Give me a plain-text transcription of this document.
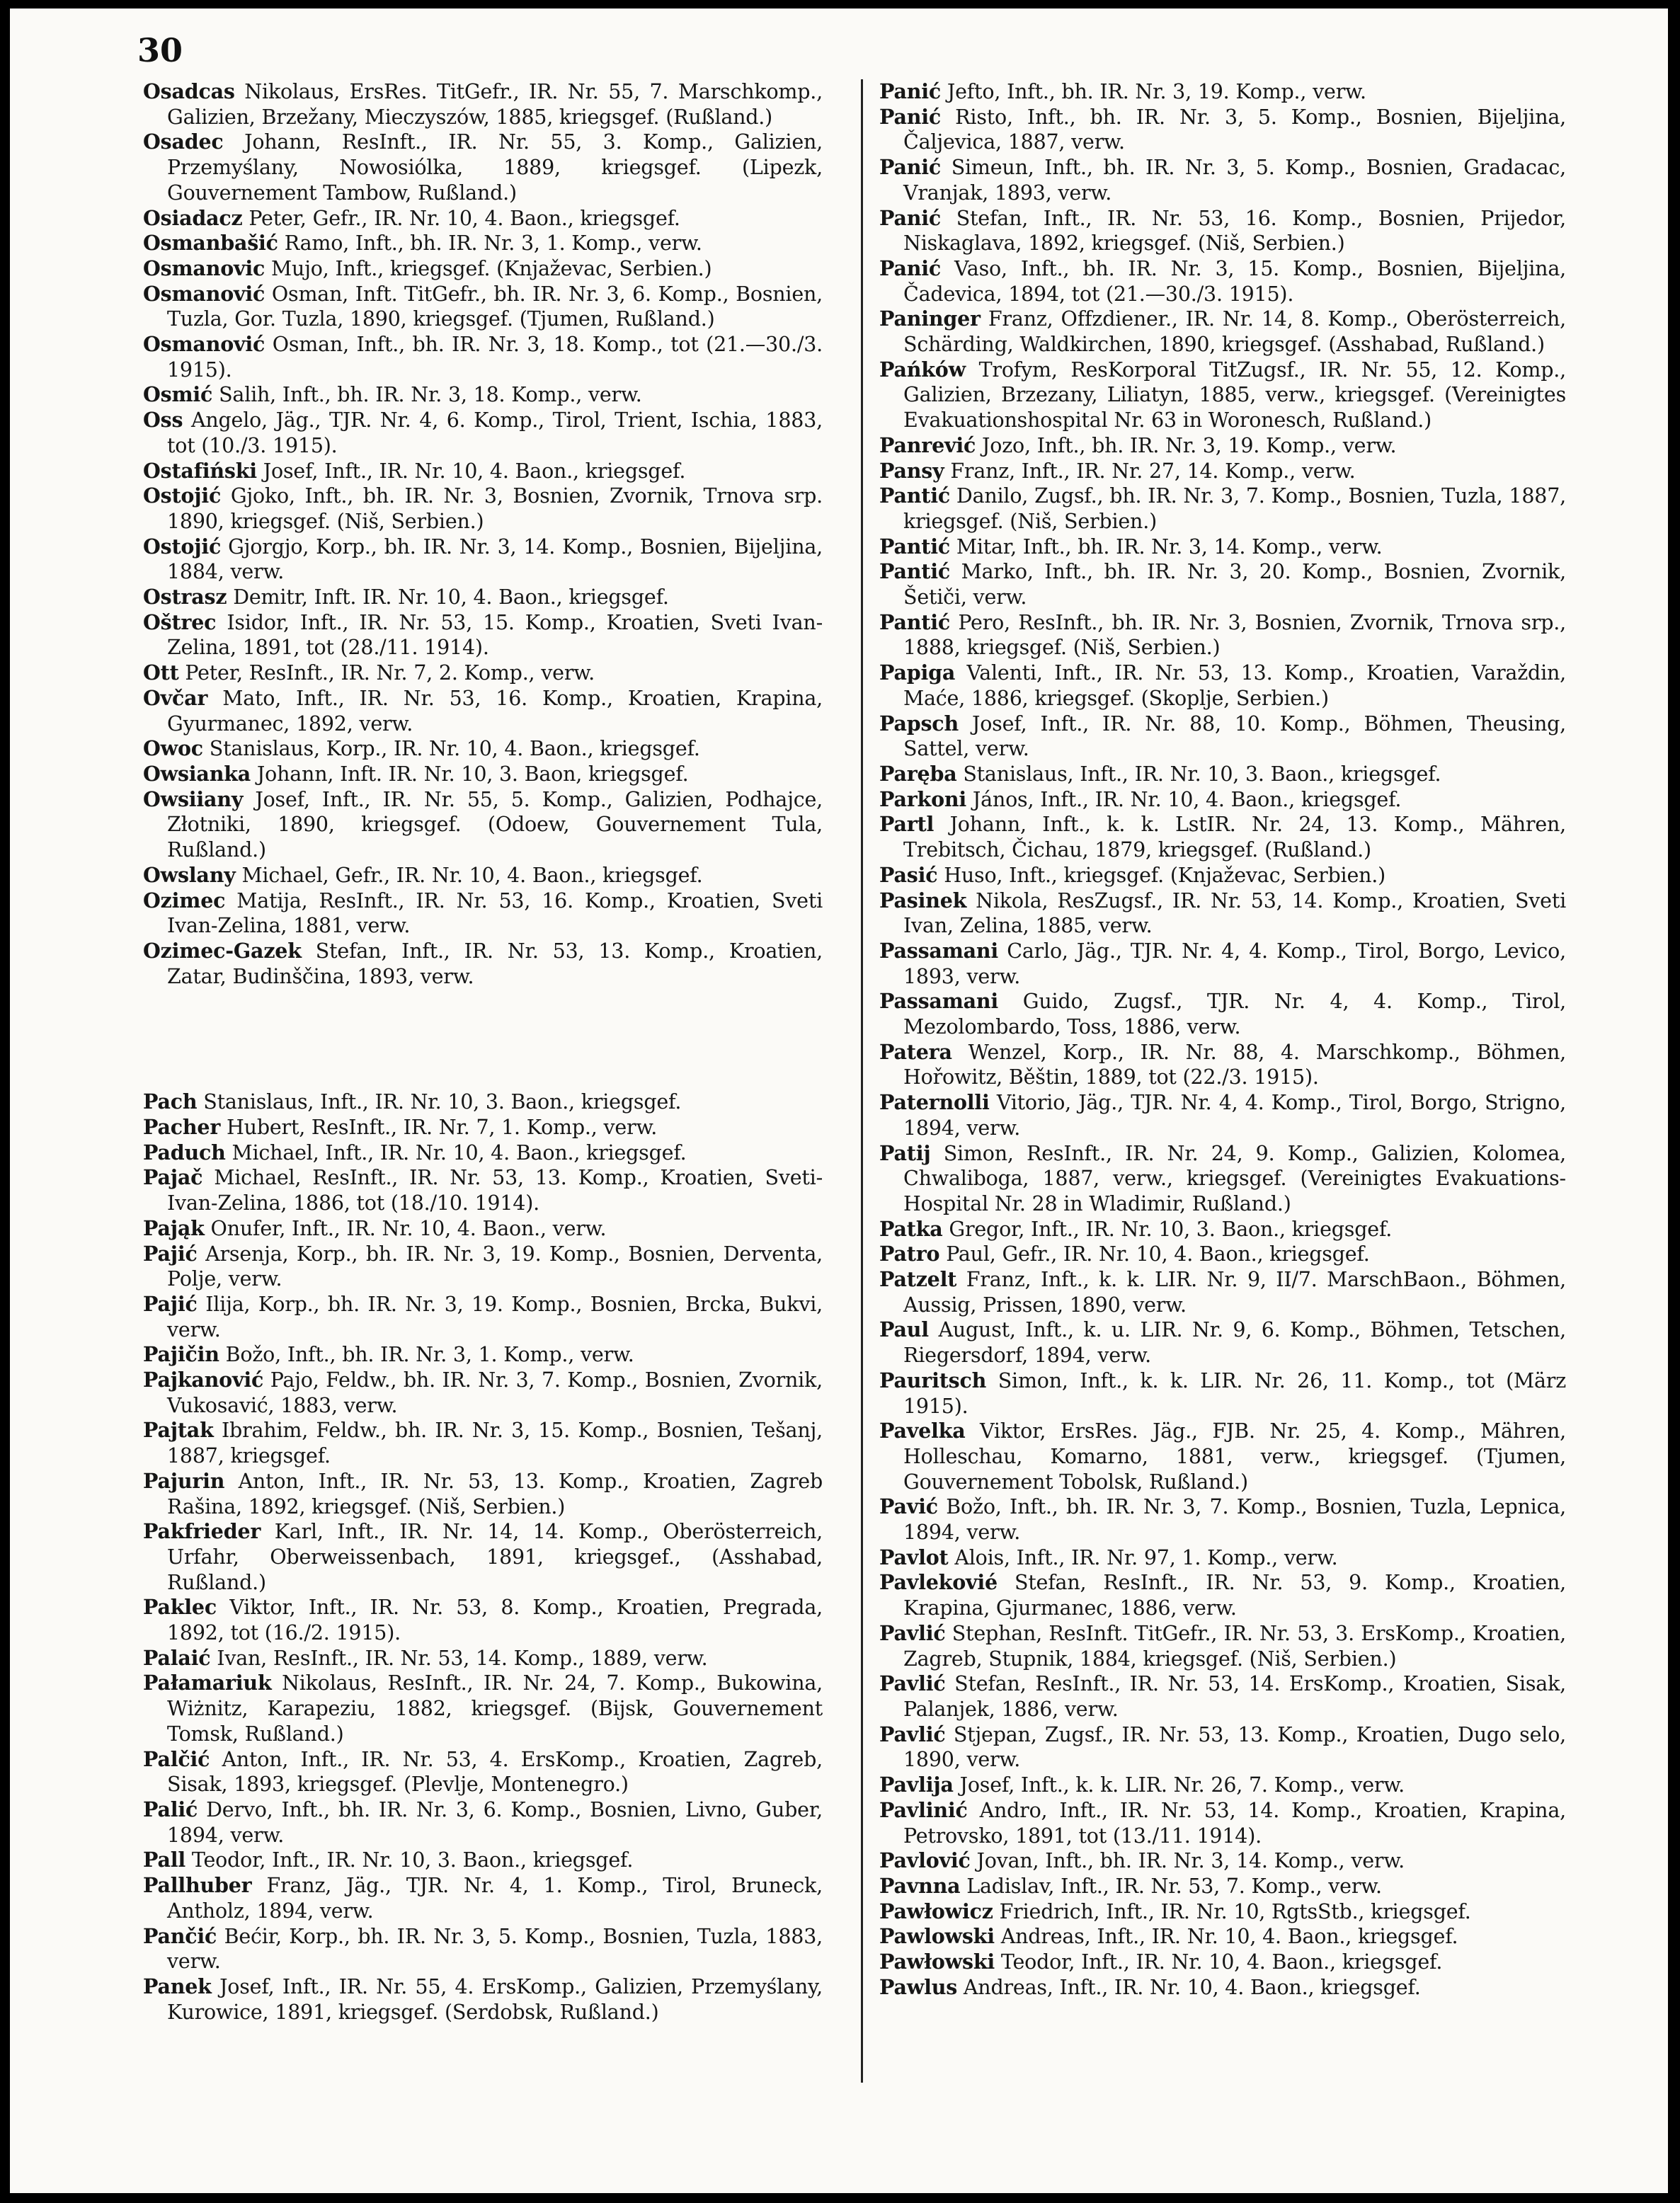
30

Osadcas Nikolaus, ErsRes. TitGefr., IR. Nr. 55, 7. Marschkomp., Galizien, Brzežany, Mieczyszów, 1885, kriegsgef. (Rußland.)

Osadec Johann, ResInft., IR. Nr. 55, 3. Komp., Galizien, Przemyślany, Nowosiólka, 1889, kriegsgef. (Lipezk, Gouvernement Tambow, Rußland.)

Osiadacz Peter, Gefr., IR. Nr. 10, 4. Baon., kriegsgef.

Osmanbašić Ramo, Inft., bh. IR. Nr. 3, 1. Komp., verw.

Osmanovic Mujo, Inft., kriegsgef. (Knjaževac, Serbien.)

Osmanović Osman, Inft. TitGefr., bh. IR. Nr. 3, 6. Komp., Bosnien, Tuzla, Gor. Tuzla, 1890, kriegsgef. (Tjumen, Rußland.)

Osmanović Osman, Inft., bh. IR. Nr. 3, 18. Komp., tot (21.—30./3. 1915).

Osmić Salih, Inft., bh. IR. Nr. 3, 18. Komp., verw.

Oss Angelo, Jäg., TJR. Nr. 4, 6. Komp., Tirol, Trient, Ischia, 1883, tot (10./3. 1915).

Ostafiński Josef, Inft., IR. Nr. 10, 4. Baon., kriegsgef.

Ostojić Gjoko, Inft., bh. IR. Nr. 3, Bosnien, Zvornik, Trnova srp. 1890, kriegsgef. (Niš, Serbien.)

Ostojić Gjorgjo, Korp., bh. IR. Nr. 3, 14. Komp., Bosnien, Bijeljina, 1884, verw.

Ostrasz Demitr, Inft. IR. Nr. 10, 4. Baon., kriegsgef.

Oštrec Isidor, Inft., IR. Nr. 53, 15. Komp., Kroatien, Sveti Ivan-Zelina, 1891, tot (28./11. 1914).

Ott Peter, ResInft., IR. Nr. 7, 2. Komp., verw.

Ovčar Mato, Inft., IR. Nr. 53, 16. Komp., Kroatien, Krapina, Gyurmanec, 1892, verw.

Owoc Stanislaus, Korp., IR. Nr. 10, 4. Baon., kriegsgef.

Owsianka Johann, Inft. IR. Nr. 10, 3. Baon, kriegsgef.

Owsiiany Josef, Inft., IR. Nr. 55, 5. Komp., Galizien, Podhajce, Złotniki, 1890, kriegsgef. (Odoew, Gouvernement Tula, Rußland.)

Owslany Michael, Gefr., IR. Nr. 10, 4. Baon., kriegsgef.

Ozimec Matija, ResInft., IR. Nr. 53, 16. Komp., Kroatien, Sveti Ivan-Zelina, 1881, verw.

Ozimec-Gazek Stefan, Inft., IR. Nr. 53, 13. Komp., Kroatien, Zatar, Budinščina, 1893, verw.

Pach Stanislaus, Inft., IR. Nr. 10, 3. Baon., kriegsgef.

Pacher Hubert, ResInft., IR. Nr. 7, 1. Komp., verw.

Paduch Michael, Inft., IR. Nr. 10, 4. Baon., kriegsgef.

Pajač Michael, ResInft., IR. Nr. 53, 13. Komp., Kroatien, Sveti-Ivan-Zelina, 1886, tot (18./10. 1914).

Pająk Onufer, Inft., IR. Nr. 10, 4. Baon., verw.

Pajić Arsenja, Korp., bh. IR. Nr. 3, 19. Komp., Bosnien, Derventa, Polje, verw.

Pajić Ilija, Korp., bh. IR. Nr. 3, 19. Komp., Bosnien, Brcka, Bukvi, verw.

Pajičin Božo, Inft., bh. IR. Nr. 3, 1. Komp., verw.

Pajkanović Pajo, Feldw., bh. IR. Nr. 3, 7. Komp., Bosnien, Zvornik, Vukosavić, 1883, verw.

Pajtak Ibrahim, Feldw., bh. IR. Nr. 3, 15. Komp., Bosnien, Tešanj, 1887, kriegsgef.

Pajurin Anton, Inft., IR. Nr. 53, 13. Komp., Kroatien, Zagreb Rašina, 1892, kriegsgef. (Niš, Serbien.)

Pakfrieder Karl, Inft., IR. Nr. 14, 14. Komp., Oberösterreich, Urfahr, Oberweissenbach, 1891, kriegsgef., (Asshabad, Rußland.)

Paklec Viktor, Inft., IR. Nr. 53, 8. Komp., Kroatien, Pregrada, 1892, tot (16./2. 1915).

Palaić Ivan, ResInft., IR. Nr. 53, 14. Komp., 1889, verw.

Pałamariuk Nikolaus, ResInft., IR. Nr. 24, 7. Komp., Bukowina, Wiżnitz, Karapeziu, 1882, kriegsgef. (Bijsk, Gouvernement Tomsk, Rußland.)

Palčić Anton, Inft., IR. Nr. 53, 4. ErsKomp., Kroatien, Zagreb, Sisak, 1893, kriegsgef. (Plevlje, Montenegro.)

Palić Dervo, Inft., bh. IR. Nr. 3, 6. Komp., Bosnien, Livno, Guber, 1894, verw.

Pall Teodor, Inft., IR. Nr. 10, 3. Baon., kriegsgef.

Pallhuber Franz, Jäg., TJR. Nr. 4, 1. Komp., Tirol, Bruneck, Antholz, 1894, verw.

Pančić Bećir, Korp., bh. IR. Nr. 3, 5. Komp., Bosnien, Tuzla, 1883, verw.

Panek Josef, Inft., IR. Nr. 55, 4. ErsKomp., Galizien, Przemyślany, Kurowice, 1891, kriegsgef. (Serdobsk, Rußland.)

Panić Jefto, Inft., bh. IR. Nr. 3, 19. Komp., verw.

Panić Risto, Inft., bh. IR. Nr. 3, 5. Komp., Bosnien, Bijeljina, Čaljevica, 1887, verw.

Panić Simeun, Inft., bh. IR. Nr. 3, 5. Komp., Bosnien, Gradacac, Vranjak, 1893, verw.

Panić Stefan, Inft., IR. Nr. 53, 16. Komp., Bosnien, Prijedor, Niskaglava, 1892, kriegsgef. (Niš, Serbien.)

Panić Vaso, Inft., bh. IR. Nr. 3, 15. Komp., Bosnien, Bijeljina, Čadevica, 1894, tot (21.—30./3. 1915).

Paninger Franz, Offzdiener., IR. Nr. 14, 8. Komp., Oberösterreich, Schärding, Waldkirchen, 1890, kriegsgef. (Asshabad, Rußland.)

Pańków Trofym, ResKorporal TitZugsf., IR. Nr. 55, 12. Komp., Galizien, Brzezany, Liliatyn, 1885, verw., kriegsgef. (Vereinigtes Evakuationshospital Nr. 63 in Woronesch, Rußland.)

Panrević Jozo, Inft., bh. IR. Nr. 3, 19. Komp., verw.

Pansy Franz, Inft., IR. Nr. 27, 14. Komp., verw.

Pantić Danilo, Zugsf., bh. IR. Nr. 3, 7. Komp., Bosnien, Tuzla, 1887, kriegsgef. (Niš, Serbien.)

Pantić Mitar, Inft., bh. IR. Nr. 3, 14. Komp., verw.

Pantić Marko, Inft., bh. IR. Nr. 3, 20. Komp., Bosnien, Zvornik, Šetiči, verw.

Pantić Pero, ResInft., bh. IR. Nr. 3, Bosnien, Zvornik, Trnova srp., 1888, kriegsgef. (Niš, Serbien.)

Papiga Valenti, Inft., IR. Nr. 53, 13. Komp., Kroatien, Varaždin, Maće, 1886, kriegsgef. (Skoplje, Serbien.)

Papsch Josef, Inft., IR. Nr. 88, 10. Komp., Böhmen, Theusing, Sattel, verw.

Paręba Stanislaus, Inft., IR. Nr. 10, 3. Baon., kriegsgef.

Parkoni János, Inft., IR. Nr. 10, 4. Baon., kriegsgef.

Partl Johann, Inft., k. k. LstIR. Nr. 24, 13. Komp., Mähren, Trebitsch, Čichau, 1879, kriegsgef. (Rußland.)

Pasić Huso, Inft., kriegsgef. (Knjaževac, Serbien.)

Pasinek Nikola, ResZugsf., IR. Nr. 53, 14. Komp., Kroatien, Sveti Ivan, Zelina, 1885, verw.

Passamani Carlo, Jäg., TJR. Nr. 4, 4. Komp., Tirol, Borgo, Levico, 1893, verw.

Passamani Guido, Zugsf., TJR. Nr. 4, 4. Komp., Tirol, Mezolombardo, Toss, 1886, verw.

Patera Wenzel, Korp., IR. Nr. 88, 4. Marschkomp., Böhmen, Hořowitz, Běštin, 1889, tot (22./3. 1915).

Paternolli Vitorio, Jäg., TJR. Nr. 4, 4. Komp., Tirol, Borgo, Strigno, 1894, verw.

Patij Simon, ResInft., IR. Nr. 24, 9. Komp., Galizien, Kolomea, Chwaliboga, 1887, verw., kriegsgef. (Vereinigtes Evakuations-Hospital Nr. 28 in Wladimir, Rußland.)

Patka Gregor, Inft., IR. Nr. 10, 3. Baon., kriegsgef.

Patro Paul, Gefr., IR. Nr. 10, 4. Baon., kriegsgef.

Patzelt Franz, Inft., k. k. LIR. Nr. 9, II/7. MarschBaon., Böhmen, Aussig, Prissen, 1890, verw.

Paul August, Inft., k. u. LIR. Nr. 9, 6. Komp., Böhmen, Tetschen, Riegersdorf, 1894, verw.

Pauritsch Simon, Inft., k. k. LIR. Nr. 26, 11. Komp., tot (März 1915).

Pavelka Viktor, ErsRes. Jäg., FJB. Nr. 25, 4. Komp., Mähren, Holleschau, Komarno, 1881, verw., kriegsgef. (Tjumen, Gouvernement Tobolsk, Rußland.)

Pavić Božo, Inft., bh. IR. Nr. 3, 7. Komp., Bosnien, Tuzla, Lepnica, 1894, verw.

Pavlot Alois, Inft., IR. Nr. 97, 1. Komp., verw.

Pavlekovié Stefan, ResInft., IR. Nr. 53, 9. Komp., Kroatien, Krapina, Gjurmanec, 1886, verw.

Pavlić Stephan, ResInft. TitGefr., IR. Nr. 53, 3. ErsKomp., Kroatien, Zagreb, Stupnik, 1884, kriegsgef. (Niš, Serbien.)

Pavlić Stefan, ResInft., IR. Nr. 53, 14. ErsKomp., Kroatien, Sisak, Palanjek, 1886, verw.

Pavlić Stjepan, Zugsf., IR. Nr. 53, 13. Komp., Kroatien, Dugo selo, 1890, verw.

Pavlija Josef, Inft., k. k. LIR. Nr. 26, 7. Komp., verw.

Pavlinić Andro, Inft., IR. Nr. 53, 14. Komp., Kroatien, Krapina, Petrovsko, 1891, tot (13./11. 1914).

Pavlović Jovan, Inft., bh. IR. Nr. 3, 14. Komp., verw.

Pavnna Ladislav, Inft., IR. Nr. 53, 7. Komp., verw.

Pawłowicz Friedrich, Inft., IR. Nr. 10, RgtsStb., kriegsgef.

Pawlowski Andreas, Inft., IR. Nr. 10, 4. Baon., kriegsgef.

Pawłowski Teodor, Inft., IR. Nr. 10, 4. Baon., kriegsgef.

Pawlus Andreas, Inft., IR. Nr. 10, 4. Baon., kriegsgef.
